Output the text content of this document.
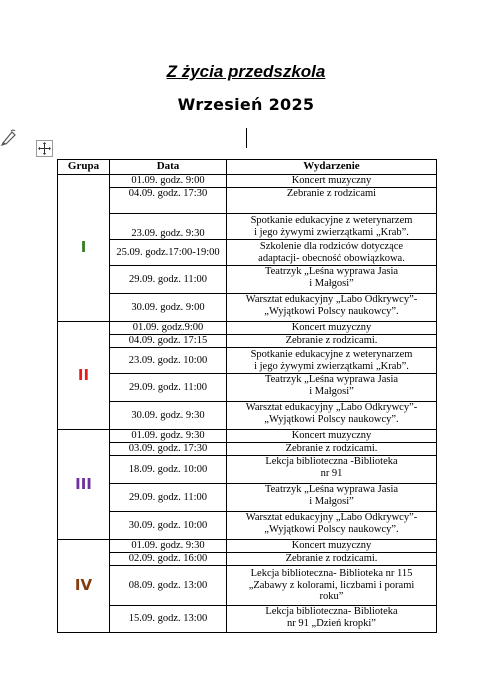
Z życia przedszkola
Wrzesień 2025
Grupa	Data	Wydarzenie
I	01.09. godz. 9:00	Koncert muzyczny
	04.09. godz. 17:30	Zebranie z rodzicami
	23.09. godz. 9:30	Spotkanie edukacyjne z weterynarzem
i jego żywymi zwierzątkami „Krab”.
	25.09. godz.17:00-19:00	Szkolenie dla rodziców dotyczące
adaptacji- obecność obowiązkowa.
	29.09. godz. 11:00	Teatrzyk „Leśna wyprawa Jasia
i Małgosi”
	30.09. godz. 9:00	Warsztat edukacyjny „Labo Odkrywcy”-
„Wyjątkowi Polscy naukowcy”.
II	01.09. godz.9:00	Koncert muzyczny
	04.09. godz. 17:15	Zebranie z rodzicami.
	23.09. godz. 10:00	Spotkanie edukacyjne z weterynarzem
i jego żywymi zwierzątkami „Krab”.
	29.09. godz. 11:00	Teatrzyk „Leśna wyprawa Jasia
i Małgosi”
	30.09. godz. 9:30	Warsztat edukacyjny „Labo Odkrywcy”-
„Wyjątkowi Polscy naukowcy”.
III	01.09. godz. 9:30	Koncert muzyczny
	03.09. godz. 17:30	Zebranie z rodzicami.
	18.09. godz. 10:00	Lekcja biblioteczna -Biblioteka
nr 91
	29.09. godz. 11:00	Teatrzyk „Leśna wyprawa Jasia
i Małgosi”
	30.09. godz. 10:00	Warsztat edukacyjny „Labo Odkrywcy”-
„Wyjątkowi Polscy naukowcy”.
IV	01.09. godz. 9:30	Koncert muzyczny
	02.09. godz. 16:00	Zebranie z rodzicami.
	08.09. godz. 13:00	Lekcja biblioteczna- Biblioteka nr 115
„Zabawy z kolorami, liczbami i porami
roku”
	15.09. godz. 13:00	Lekcja biblioteczna- Biblioteka
nr 91 „Dzień kropki”
